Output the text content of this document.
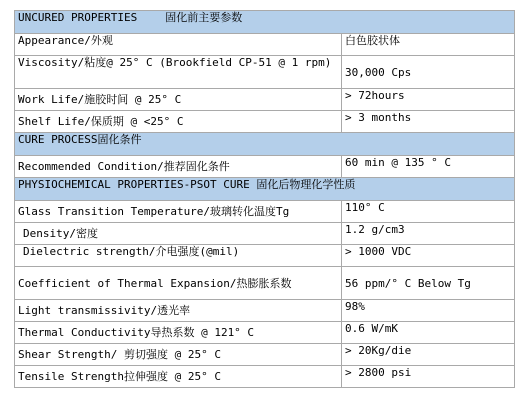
UNCURED PROPERTIES 固化前主要参数	
Appearance/外观	白色胶状体
Viscosity/粘度@ 25° C (Brookfield CP-51 @ 1 rpm)	30,000 Cps
Work Life/施胶时间 @ 25° C	> 72hours
Shelf Life/保质期 @ <25° C	> 3 months
CURE PROCESS固化条件	
Recommended Condition/推荐固化条件	60 min @ 135 ° C
PHYSIOCHEMICAL PROPERTIES-PSOT CURE 固化后物理化学性质	
Glass Transition Temperature/玻璃转化温度Tg	110° C
Density/密度	1.2 g/cm3
Dielectric strength/介电强度(@mil)	> 1000 VDC
Coefficient of Thermal Expansion/热膨胀系数	56 ppm/° C Below Tg
Light transmissivity/透光率	98%
Thermal Conductivity导热系数 @ 121° C	0.6 W/mK
Shear Strength/ 剪切强度 @ 25° C	> 20Kg/die
Tensile Strength拉伸强度 @ 25° C	> 2800 psi
